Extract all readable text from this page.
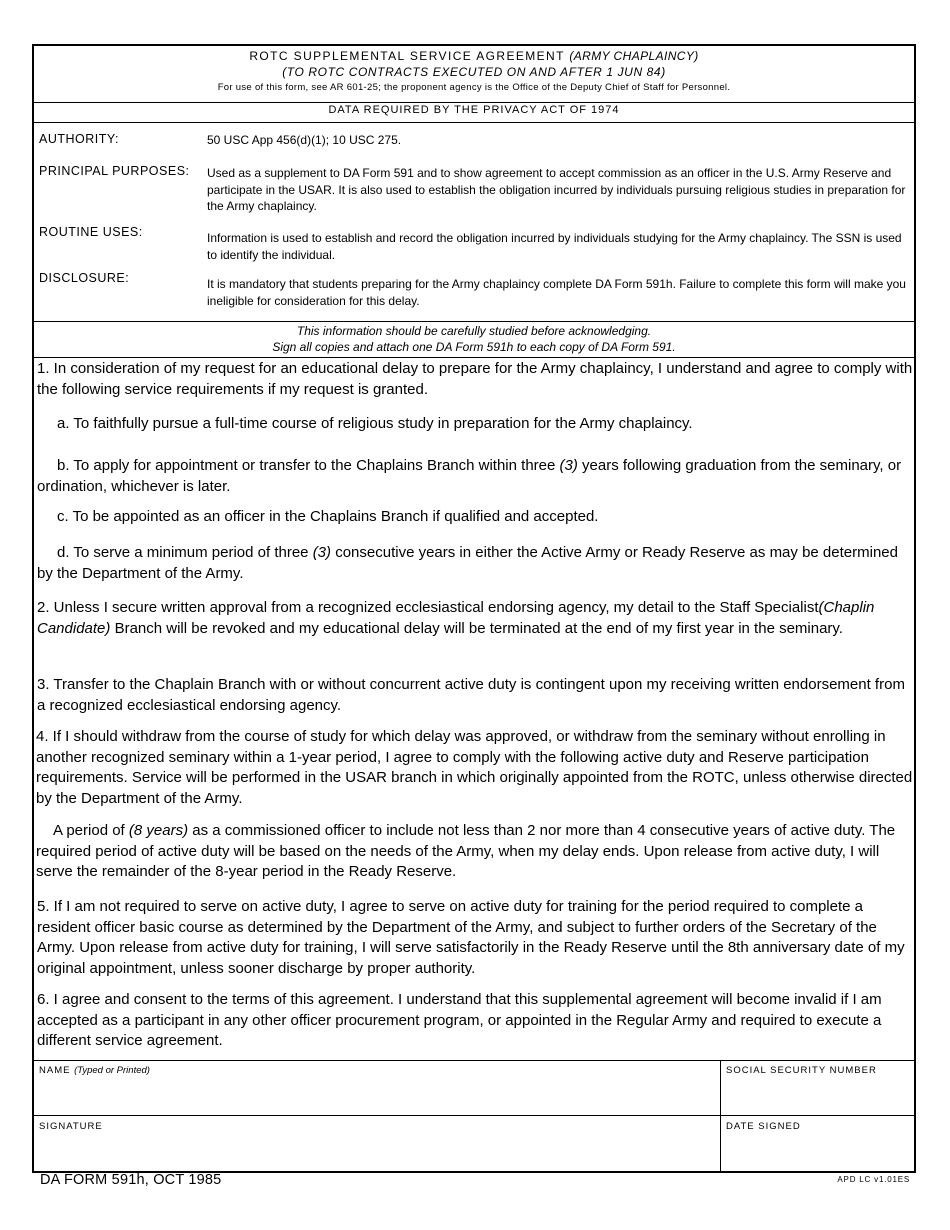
ROTC SUPPLEMENTAL SERVICE AGREEMENT (ARMY CHAPLAINCY)
(TO ROTC CONTRACTS EXECUTED ON AND AFTER 1 JUN 84)
For use of this form, see AR 601-25; the proponent agency is the Office of the Deputy Chief of Staff for Personnel.
DATA REQUIRED BY THE PRIVACY ACT OF 1974
AUTHORITY:	50 USC App 456(d)(1); 10 USC 275.
PRINCIPAL PURPOSES: Used as a supplement to DA Form 591 and to show agreement to accept commission as an officer in the U.S. Army Reserve and participate in the USAR. It is also used to establish the obligation incurred by individuals pursuing religious studies in preparation for the Army chaplaincy.
ROUTINE USES:	Information is used to establish and record the obligation incurred by individuals studying for the Army chaplaincy. The SSN is used to identify the individual.
DISCLOSURE:	It is mandatory that students preparing for the Army chaplaincy complete DA Form 591h. Failure to complete this form will make you ineligible for consideration for this delay.
This information should be carefully studied before acknowledging.
Sign all copies and attach one DA Form 591h to each copy of DA Form 591.
1. In consideration of my request for an educational delay to prepare for the Army chaplaincy, I understand and agree to comply with the following service requirements if my request is granted.
a. To faithfully pursue a full-time course of religious study in preparation for the Army chaplaincy.
b. To apply for appointment or transfer to the Chaplains Branch within three (3) years following graduation from the seminary, or ordination, whichever is later.
c. To be appointed as an officer in the Chaplains Branch if qualified and accepted.
d. To serve a minimum period of three (3) consecutive years in either the Active Army or Ready Reserve as may be determined by the Department of the Army.
2. Unless I secure written approval from a recognized ecclesiastical endorsing agency, my detail to the Staff Specialist(Chaplin Candidate) Branch will be revoked and my educational delay will be terminated at the end of my first year in the seminary.
3. Transfer to the Chaplain Branch with or without concurrent active duty is contingent upon my receiving written endorsement from a recognized ecclesiastical endorsing agency.
4. If I should withdraw from the course of study for which delay was approved, or withdraw from the seminary without enrolling in another recognized seminary within a 1-year period, I agree to comply with the following active duty and Reserve participation requirements. Service will be performed in the USAR branch in which originally appointed from the ROTC, unless otherwise directed by the Department of the Army.
A period of (8 years) as a commissioned officer to include not less than 2 nor more than 4 consecutive years of active duty. The required period of active duty will be based on the needs of the Army, when my delay ends. Upon release from active duty, I will serve the remainder of the 8-year period in the Ready Reserve.
5. If I am not required to serve on active duty, I agree to serve on active duty for training for the period required to complete a resident officer basic course as determined by the Department of the Army, and subject to further orders of the Secretary of the Army. Upon release from active duty for training, I will serve satisfactorily in the Ready Reserve until the 8th anniversary date of my original appointment, unless sooner discharge by proper authority.
6. I agree and consent to the terms of this agreement. I understand that this supplemental agreement will become invalid if I am accepted as a participant in any other officer procurement program, or appointed in the Regular Army and required to execute a different service agreement.
NAME (Typed or Printed)	SOCIAL SECURITY NUMBER
SIGNATURE	DATE SIGNED
DA FORM 591h, OCT 1985	APD LC v1.01ES
